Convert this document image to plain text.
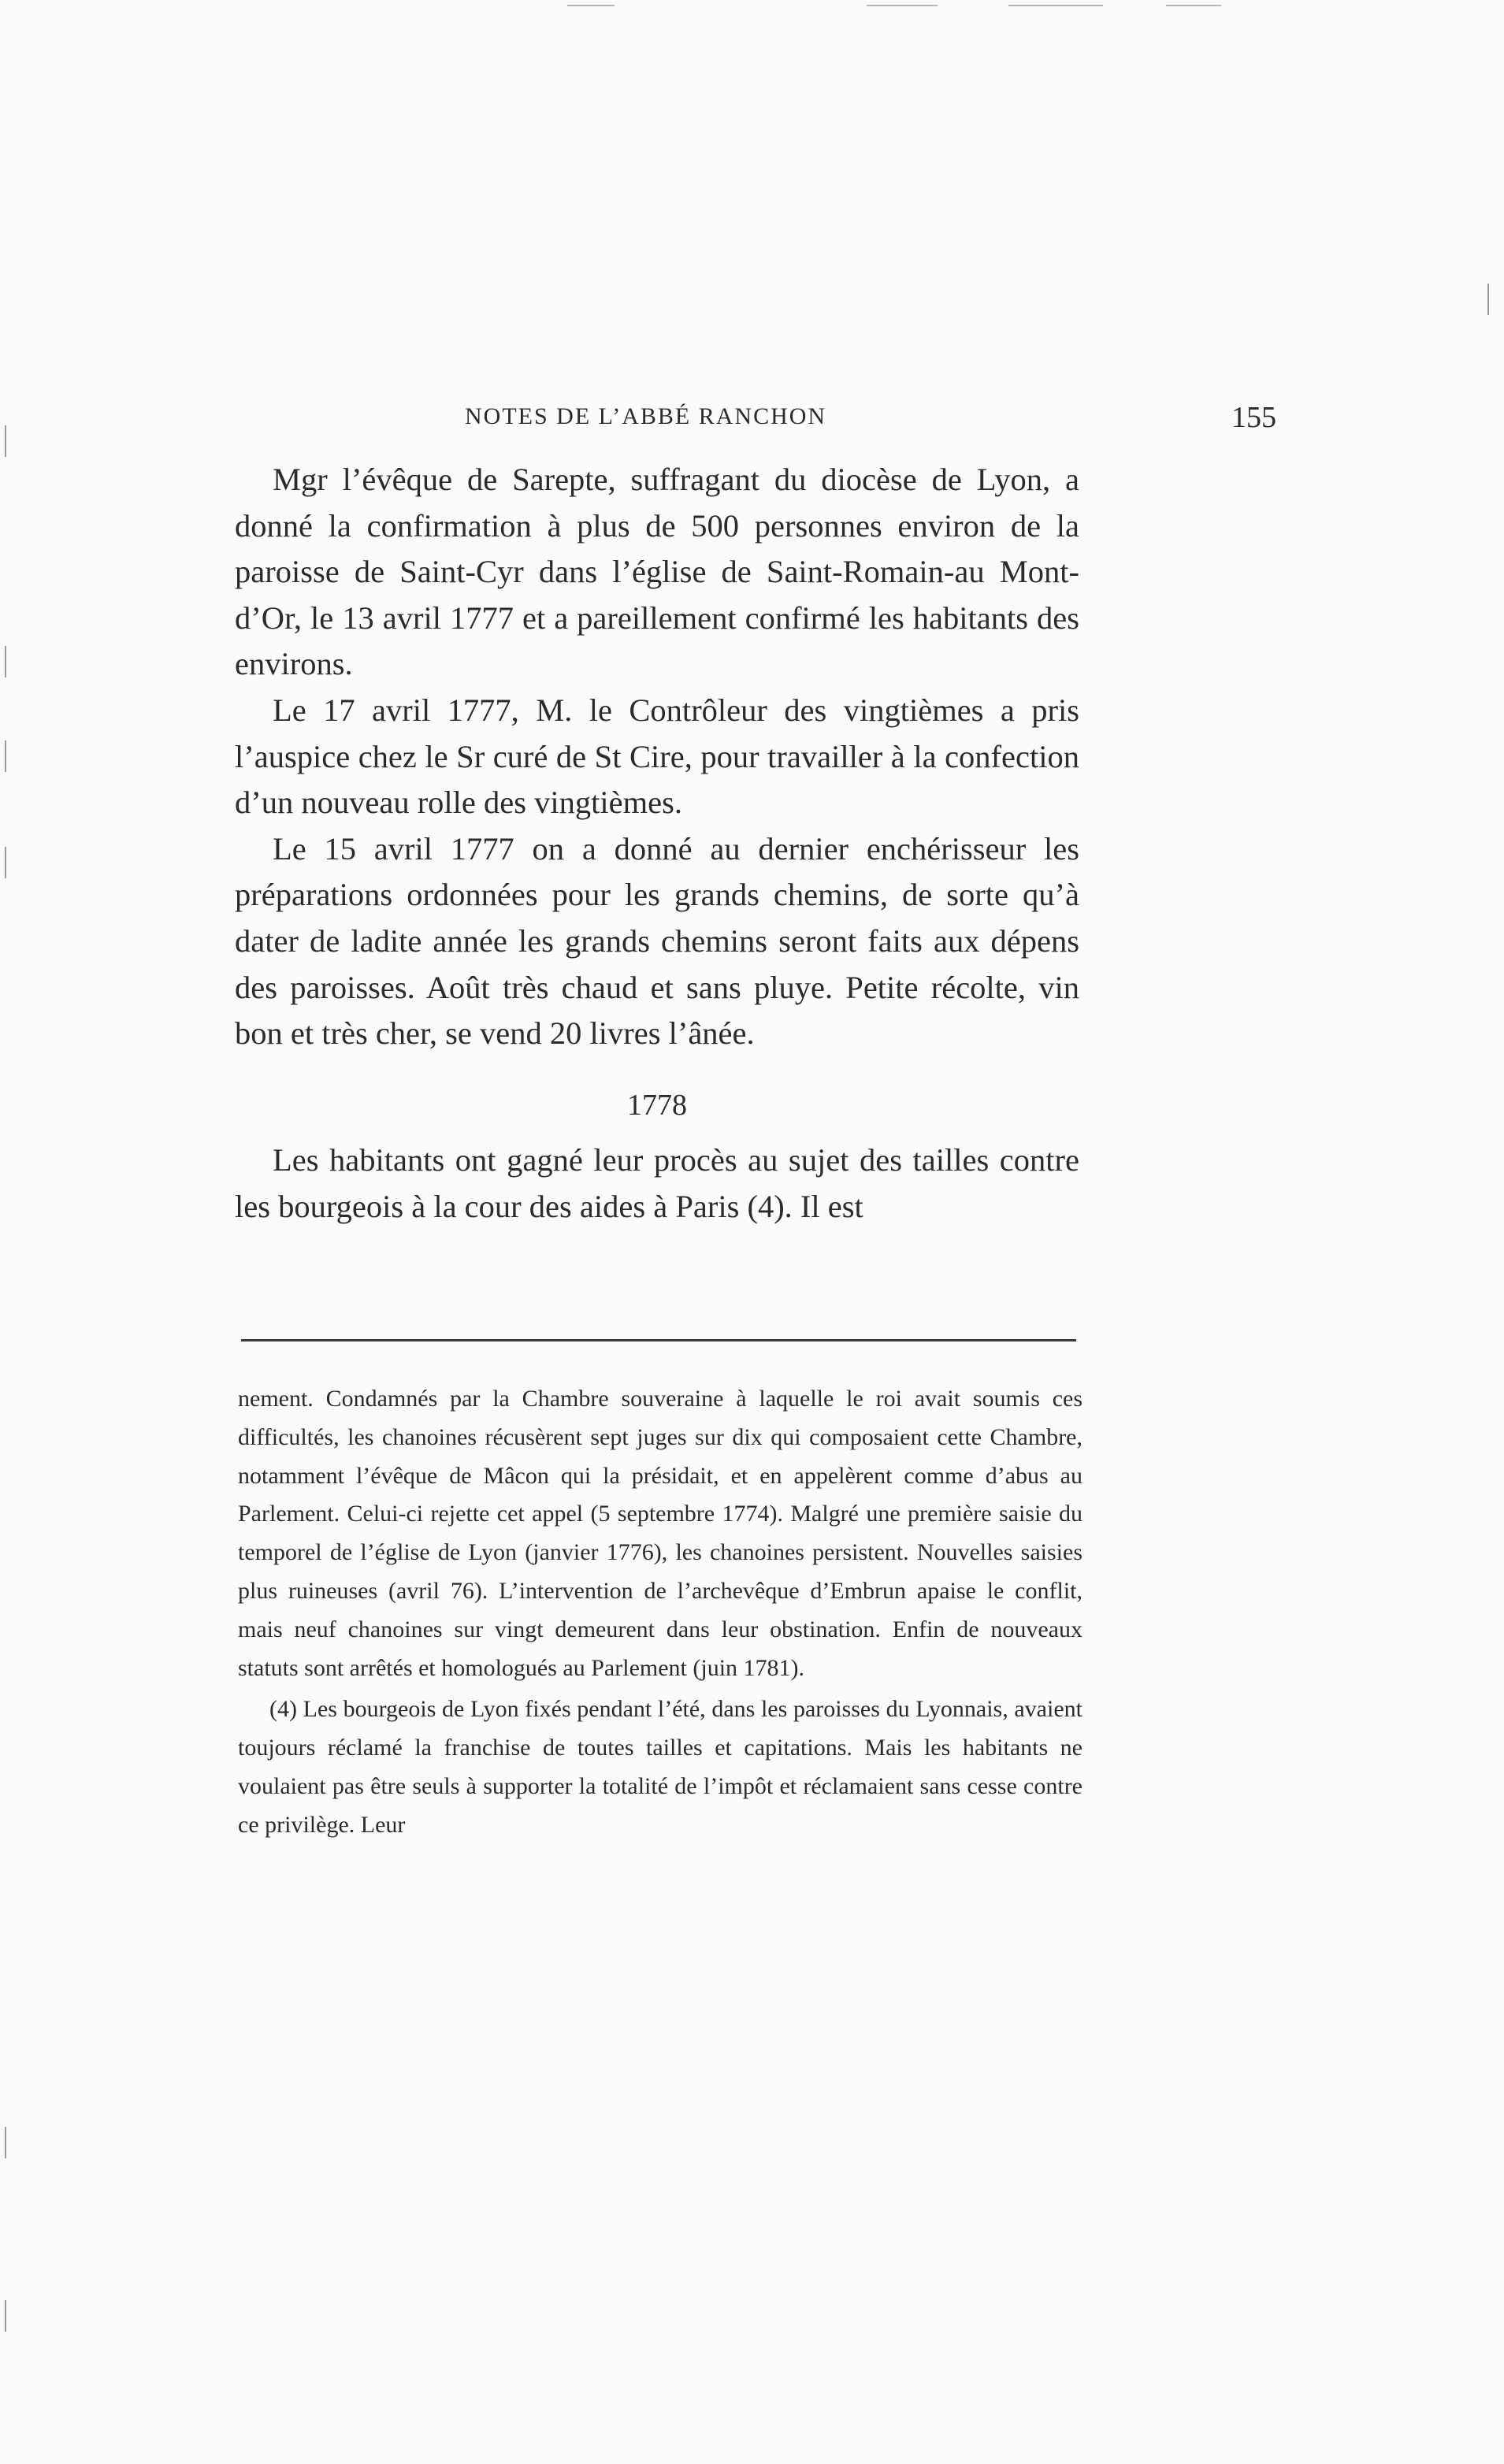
NOTES DE L’ABBÉ RANCHON	155

Mgr l’évêque de Sarepte, suffragant du diocèse de Lyon, a donné la confirmation à plus de 500 personnes environ de la paroisse de Saint-Cyr dans l’église de Saint-Romain-au Mont-d’Or, le 13 avril 1777 et a pareillement confirmé les habitants des environs.

Le 17 avril 1777, M. le Contrôleur des vingtièmes a pris l’auspice chez le Sr curé de St Cire, pour travailler à la confection d’un nouveau rolle des vingtièmes.

Le 15 avril 1777 on a donné au dernier enchérisseur les préparations ordonnées pour les grands chemins, de sorte qu’à dater de ladite année les grands chemins seront faits aux dépens des paroisses. Août très chaud et sans pluye. Petite récolte, vin bon et très cher, se vend 20 livres l’ânée.

1778

Les habitants ont gagné leur procès au sujet des tailles contre les bourgeois à la cour des aides à Paris (4). Il est

nement. Condamnés par la Chambre souveraine à laquelle le roi avait soumis ces difficultés, les chanoines récusèrent sept juges sur dix qui composaient cette Chambre, notamment l’évêque de Mâcon qui la présidait, et en appelèrent comme d’abus au Parlement. Celui-ci rejette cet appel (5 septembre 1774). Malgré une première saisie du temporel de l’église de Lyon (janvier 1776), les chanoines persistent. Nouvelles saisies plus ruineuses (avril 76). L’intervention de l’archevêque d’Embrun apaise le conflit, mais neuf chanoines sur vingt demeurent dans leur obstination. Enfin de nouveaux statuts sont arrêtés et homologués au Parlement (juin 1781).

(4) Les bourgeois de Lyon fixés pendant l’été, dans les paroisses du Lyonnais, avaient toujours réclamé la franchise de toutes tailles et capitations. Mais les habitants ne voulaient pas être seuls à supporter la totalité de l’impôt et réclamaient sans cesse contre ce privilège. Leur
